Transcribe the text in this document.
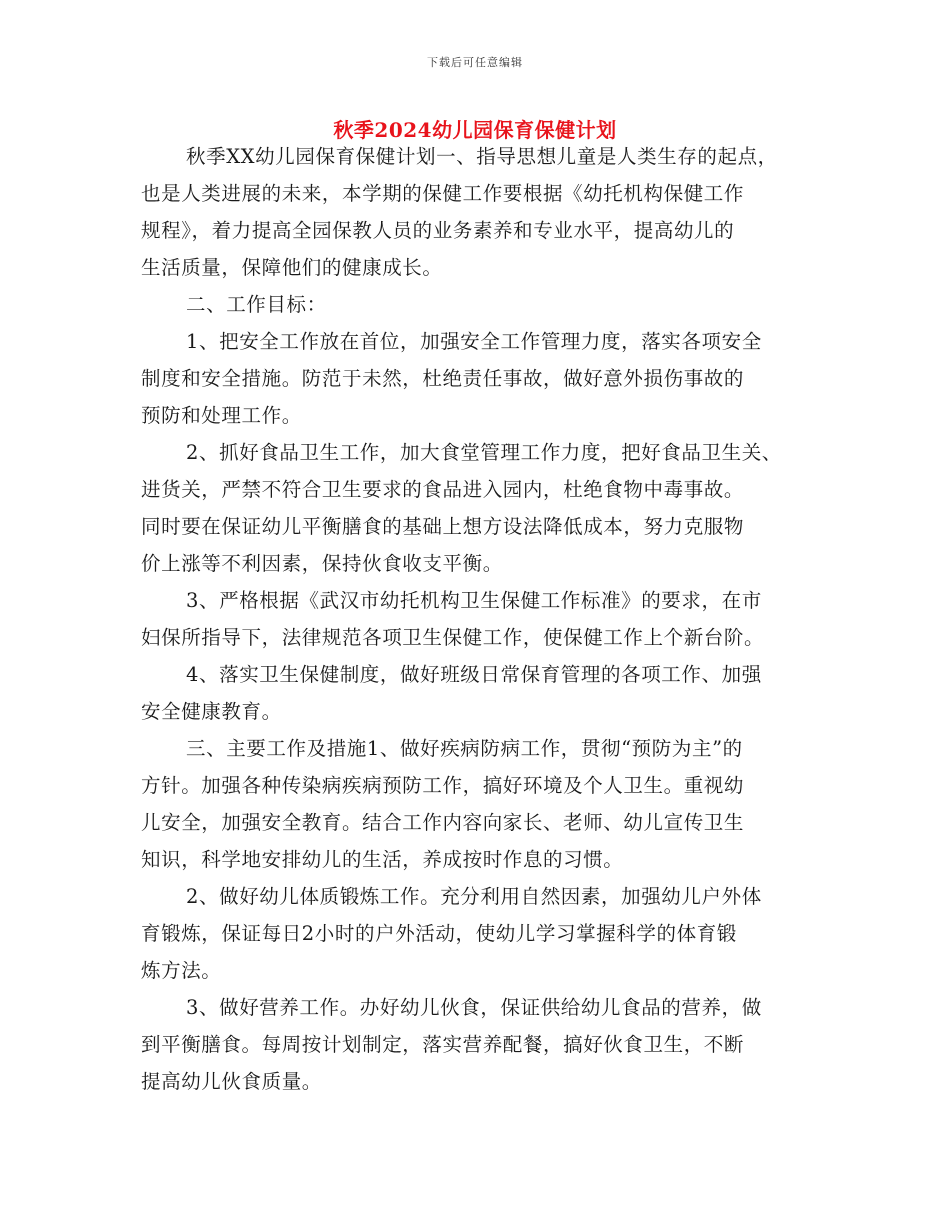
下载后可任意编辑
秋季2024幼儿园保育保健计划
秋季XX幼儿园保育保健计划一、指导思想儿童是人类生存的起点，
也是人类进展的未来，本学期的保健工作要根据《幼托机构保健工作
规程》，着力提高全园保教人员的业务素养和专业水平，提高幼儿的
生活质量，保障他们的健康成长。
二、工作目标：
1、把安全工作放在首位，加强安全工作管理力度，落实各项安全
制度和安全措施。防范于未然，杜绝责任事故，做好意外损伤事故的
预防和处理工作。
2、抓好食品卫生工作，加大食堂管理工作力度，把好食品卫生关、
进货关，严禁不符合卫生要求的食品进入园内，杜绝食物中毒事故。
同时要在保证幼儿平衡膳食的基础上想方设法降低成本，努力克服物
价上涨等不利因素，保持伙食收支平衡。
3、严格根据《武汉市幼托机构卫生保健工作标准》的要求，在市
妇保所指导下，法律规范各项卫生保健工作，使保健工作上个新台阶。
4、落实卫生保健制度，做好班级日常保育管理的各项工作、加强
安全健康教育。
三、主要工作及措施1、做好疾病防病工作，贯彻“预防为主”的
方针。加强各种传染病疾病预防工作，搞好环境及个人卫生。重视幼
儿安全，加强安全教育。结合工作内容向家长、老师、幼儿宣传卫生
知识，科学地安排幼儿的生活，养成按时作息的习惯。
2、做好幼儿体质锻炼工作。充分利用自然因素，加强幼儿户外体
育锻炼，保证每日2小时的户外活动，使幼儿学习掌握科学的体育锻
炼方法。
3、做好营养工作。办好幼儿伙食，保证供给幼儿食品的营养，做
到平衡膳食。每周按计划制定，落实营养配餐，搞好伙食卫生，不断
提高幼儿伙食质量。
